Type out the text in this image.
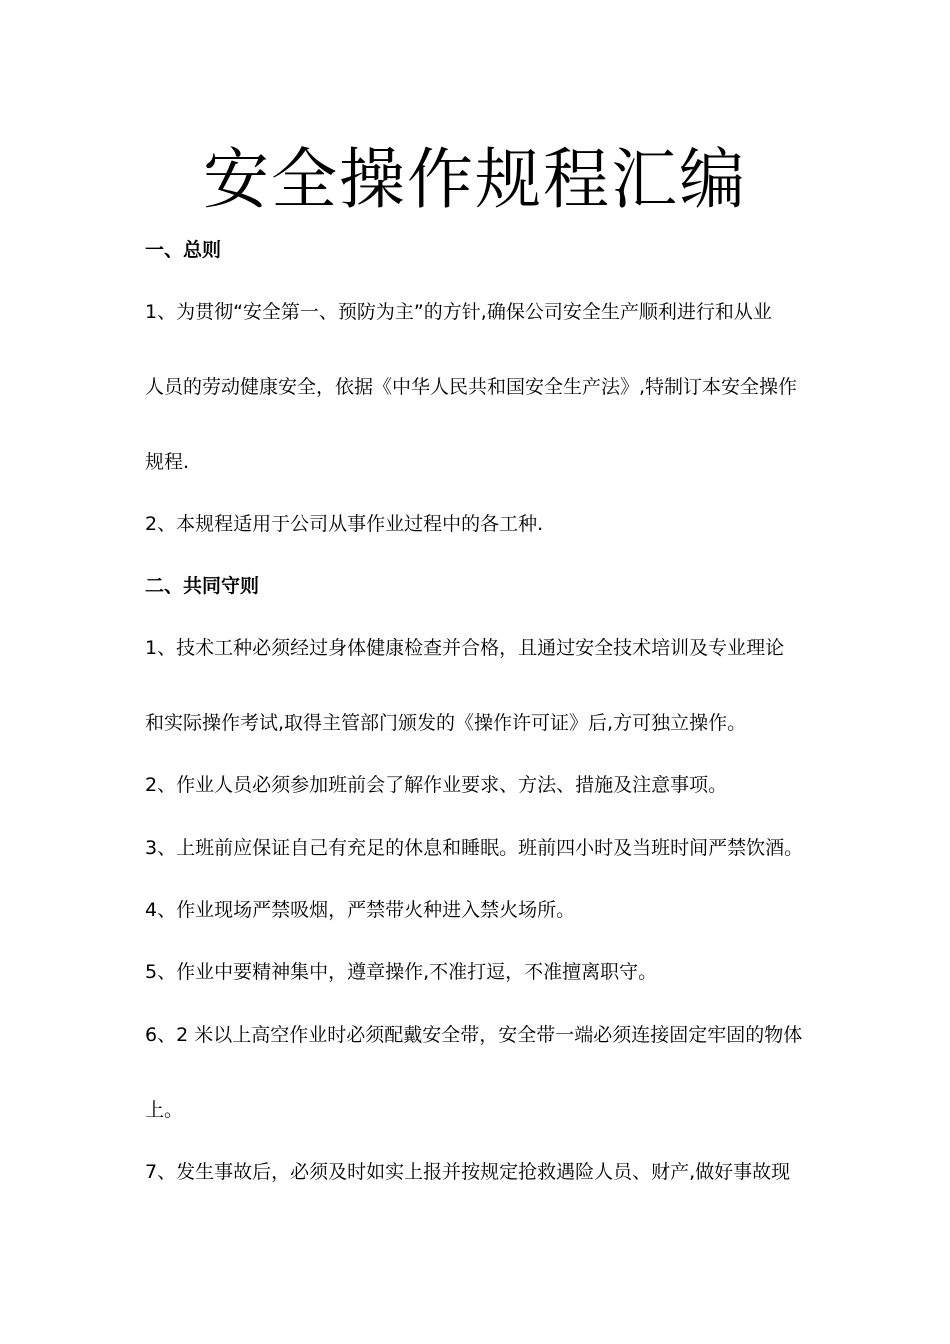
安全操作规程汇编
一、总则
1、为贯彻“安全第一、预防为主”的方针,确保公司安全生产顺利进行和从业
人员的劳动健康安全，依据《中华人民共和国安全生产法》,特制订本安全操作
规程.
2、本规程适用于公司从事作业过程中的各工种.
二、共同守则
1、技术工种必须经过身体健康检查并合格，且通过安全技术培训及专业理论
和实际操作考试,取得主管部门颁发的《操作许可证》后,方可独立操作。
2、作业人员必须参加班前会了解作业要求、方法、措施及注意事项。
3、上班前应保证自己有充足的休息和睡眠。班前四小时及当班时间严禁饮酒。
4、作业现场严禁吸烟，严禁带火种进入禁火场所。
5、作业中要精神集中，遵章操作,不准打逗，不准擅离职守。
6、2 米以上高空作业时必须配戴安全带，安全带一端必须连接固定牢固的物体
上。
7、发生事故后，必须及时如实上报并按规定抢救遇险人员、财产,做好事故现
